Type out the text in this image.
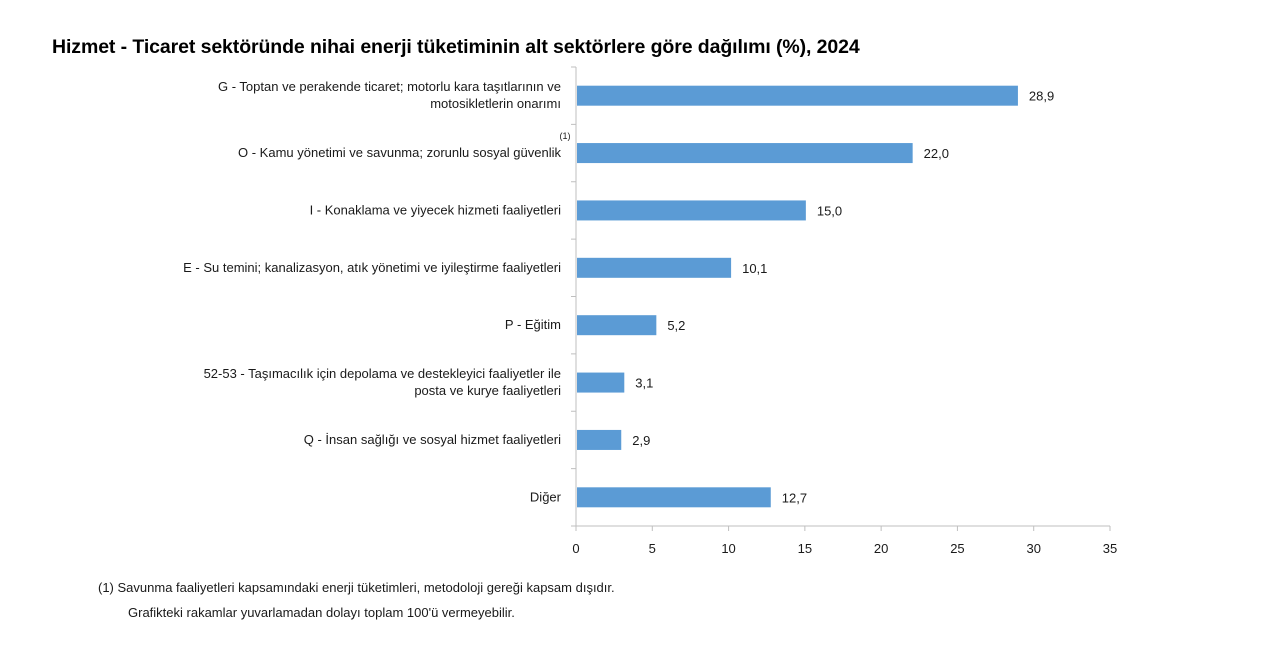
Hizmet - Ticaret sektöründe nihai enerji tüketiminin alt sektörlere göre dağılımı (%), 2024
0	5	10	15	20	25	30	35
28,9
G - Toptan ve perakende ticaret; motorlu kara taşıtlarının ve
motosikletlerin onarımı
22,0
O - Kamu yönetimi ve savunma; zorunlu sosyal güvenlik
(1)
15,0
I - Konaklama ve yiyecek hizmeti faaliyetleri
10,1
E - Su temini; kanalizasyon, atık yönetimi ve iyileştirme faaliyetleri
5,2
P - Eğitim
3,1
52-53 - Taşımacılık için depolama ve destekleyici faaliyetler ile
posta ve kurye faaliyetleri
2,9
Q - İnsan sağlığı ve sosyal hizmet faaliyetleri
12,7
Diğer
(1) Savunma faaliyetleri kapsamındaki enerji tüketimleri, metodoloji gereği kapsam dışıdır.
Grafikteki rakamlar yuvarlamadan dolayı toplam 100'ü vermeyebilir.
